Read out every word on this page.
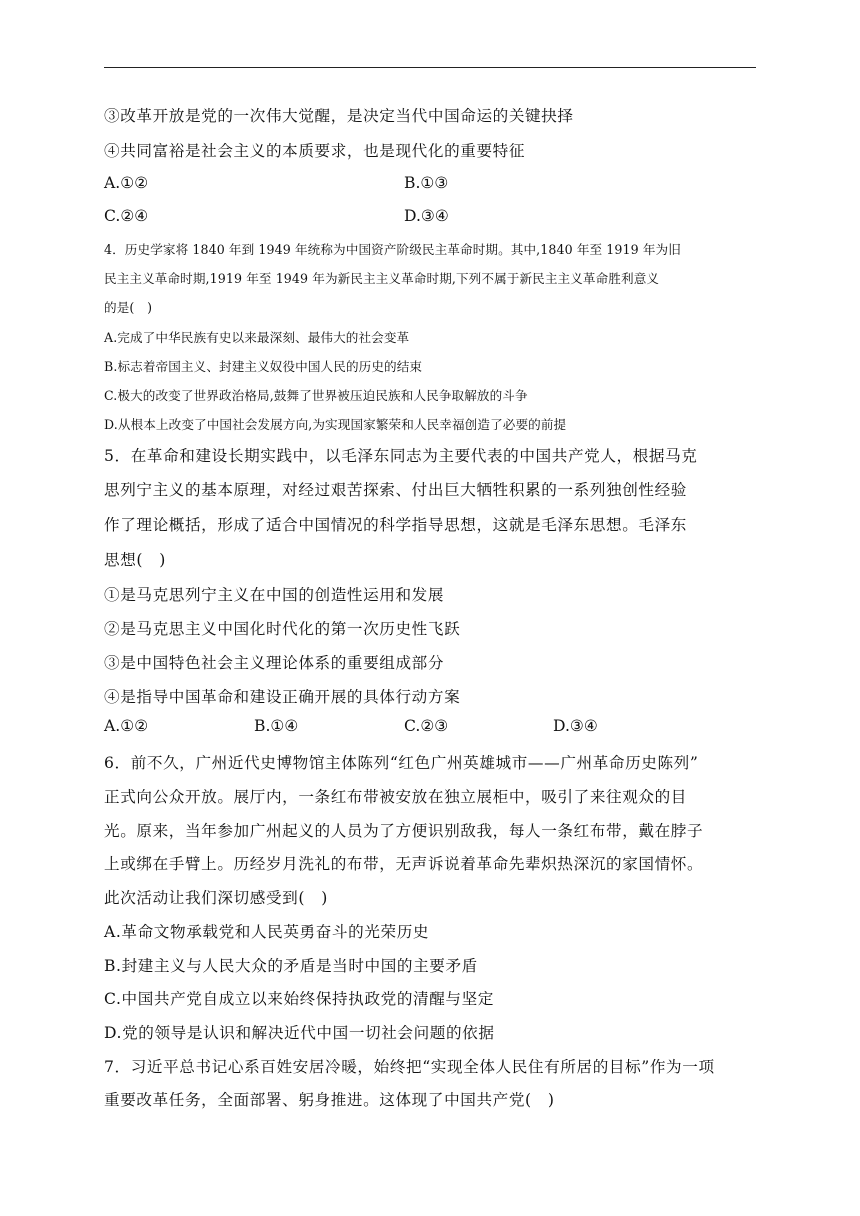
③改革开放是党的一次伟大觉醒，是决定当代中国命运的关键抉择
④共同富裕是社会主义的本质要求，也是现代化的重要特征
A.①②	B.①③
C.②④	D.③④
4．历史学家将 1840 年到 1949 年统称为中国资产阶级民主革命时期。其中,1840 年至 1919 年为旧
民主主义革命时期,1919 年至 1949 年为新民主主义革命时期,下列不属于新民主主义革命胜利意义
的是(　)
A.完成了中华民族有史以来最深刻、最伟大的社会变革
B.标志着帝国主义、封建主义奴役中国人民的历史的结束
C.极大的改变了世界政治格局,鼓舞了世界被压迫民族和人民争取解放的斗争
D.从根本上改变了中国社会发展方向,为实现国家繁荣和人民幸福创造了必要的前提
5．在革命和建设长期实践中，以毛泽东同志为主要代表的中国共产党人，根据马克
思列宁主义的基本原理，对经过艰苦探索、付出巨大牺牲积累的一系列独创性经验
作了理论概括，形成了适合中国情况的科学指导思想，这就是毛泽东思想。毛泽东
思想(　)
①是马克思列宁主义在中国的创造性运用和发展
②是马克思主义中国化时代化的第一次历史性飞跃
③是中国特色社会主义理论体系的重要组成部分
④是指导中国革命和建设正确开展的具体行动方案
A.①②	B.①④	C.②③	D.③④
6．前不久，广州近代史博物馆主体陈列“红色广州英雄城市——广州革命历史陈列”
正式向公众开放。展厅内，一条红布带被安放在独立展柜中，吸引了来往观众的目
光。原来，当年参加广州起义的人员为了方便识别敌我，每人一条红布带，戴在脖子
上或绑在手臂上。历经岁月洗礼的布带，无声诉说着革命先辈炽热深沉的家国情怀。
此次活动让我们深切感受到(　)
A.革命文物承载党和人民英勇奋斗的光荣历史
B.封建主义与人民大众的矛盾是当时中国的主要矛盾
C.中国共产党自成立以来始终保持执政党的清醒与坚定
D.党的领导是认识和解决近代中国一切社会问题的依据
7．习近平总书记心系百姓安居冷暖，始终把“实现全体人民住有所居的目标”作为一项
重要改革任务，全面部署、躬身推进。这体现了中国共产党(　)
